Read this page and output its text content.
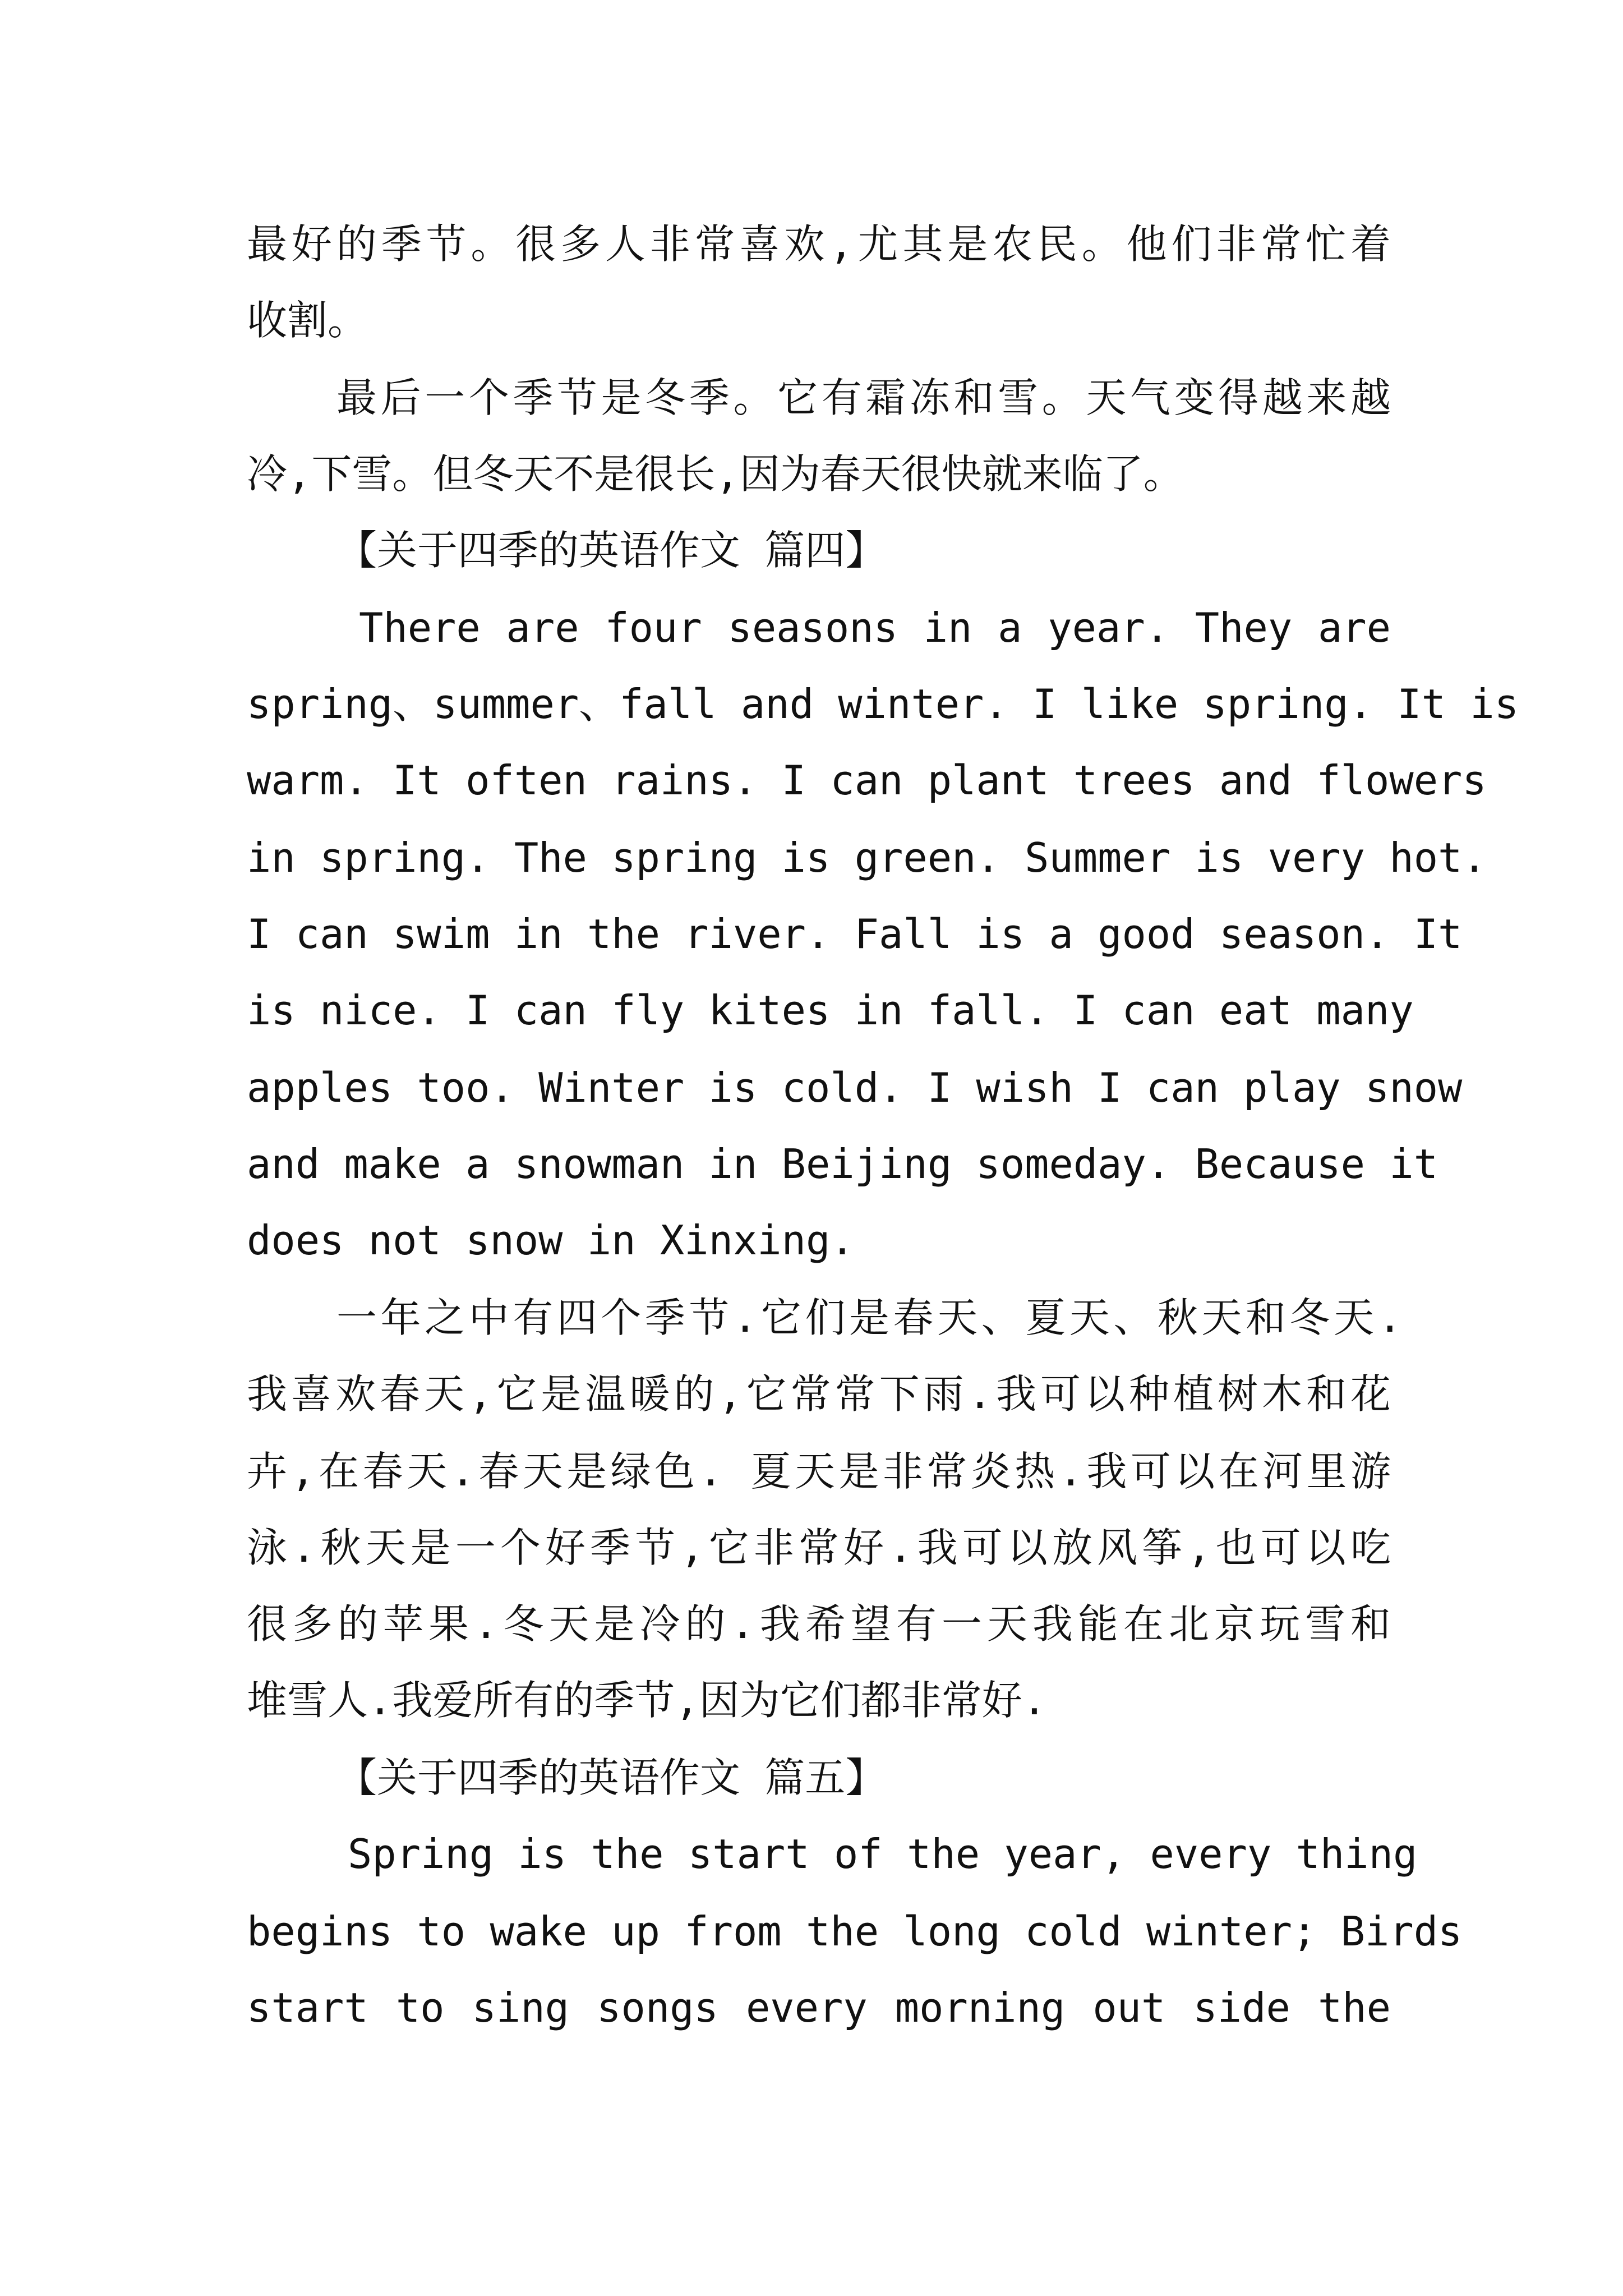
最好的季节。很多人非常喜欢,尤其是农民。他们非常忙着
收割。
最后一个季节是冬季。它有霜冻和雪。天气变得越来越
冷,下雪。但冬天不是很长,因为春天很快就来临了。
【关于四季的英语作文 篇四】
There are four seasons in a year. They are
spring、summer、fall and winter. I like spring. It is
warm. It often rains. I can plant trees and flowers
in spring. The spring is green. Summer is very hot.
I can swim in the river. Fall is a good season. It
is nice. I can fly kites in fall. I can eat many
apples too. Winter is cold. I wish I can play snow
and make a snowman in Beijing someday. Because it
does not snow in Xinxing.
一年之中有四个季节.它们是春天、夏天、秋天和冬天.
我喜欢春天,它是温暖的,它常常下雨.我可以种植树木和花
卉,在春天.春天是绿色. 夏天是非常炎热.我可以在河里游
泳.秋天是一个好季节,它非常好.我可以放风筝,也可以吃
很多的苹果.冬天是冷的.我希望有一天我能在北京玩雪和
堆雪人.我爱所有的季节,因为它们都非常好.
【关于四季的英语作文 篇五】
Spring is the start of the year, every thing
begins to wake up from the long cold winter; Birds
start to sing songs every morning out side the
